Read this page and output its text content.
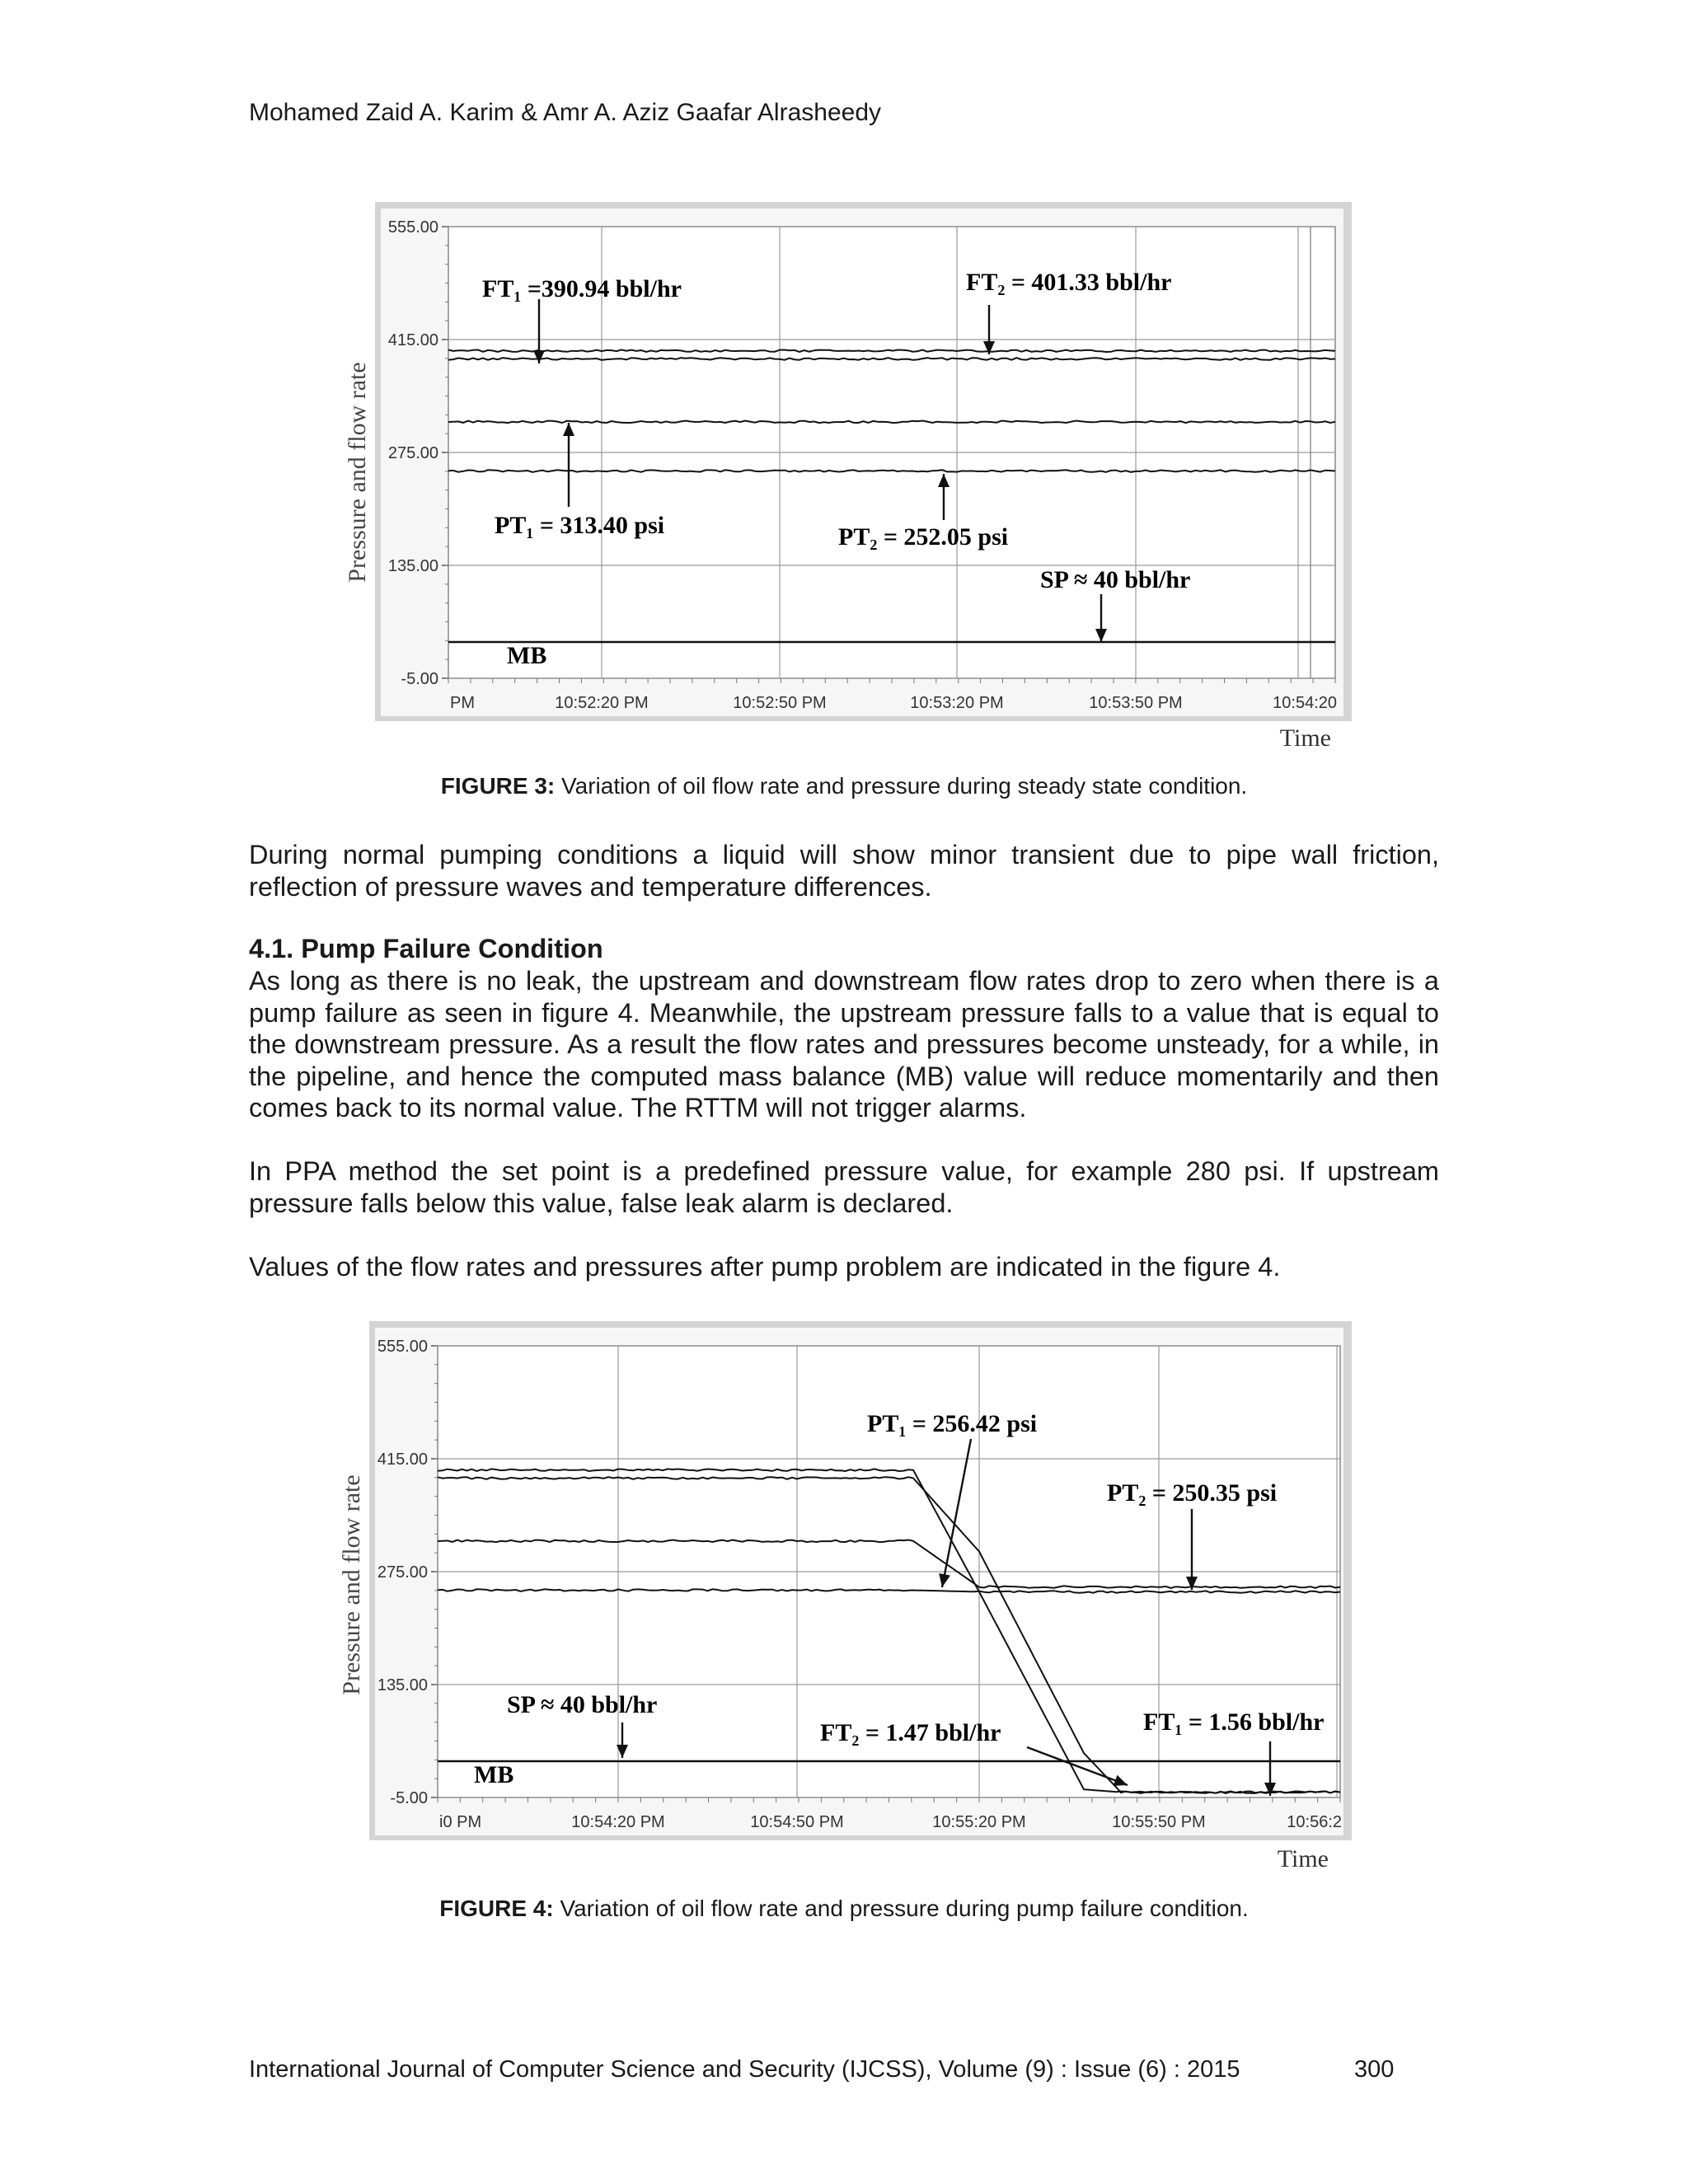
Mohamed Zaid A. Karim & Amr A. Aziz Gaafar Alrasheedy
555.00
415.00
275.00
135.00
-5.00
PM	10:52:20 PM	10:52:50 PM	10:53:20 PM	10:53:50 PM	10:54:20
Pressure and flow rate
Time
FT₁ =390.94 bbl/hr	FT₂ = 401.33 bbl/hr
PT₁ = 313.40 psi	PT₂ = 252.05 psi
SP ≈ 40 bbl/hr
MB
FIGURE 3: Variation of oil flow rate and pressure during steady state condition.

During normal pumping conditions a liquid will show minor transient due to pipe wall friction, reflection of pressure waves and temperature differences.

4.1. Pump Failure Condition

As long as there is no leak, the upstream and downstream flow rates drop to zero when there is a pump failure as seen in figure 4. Meanwhile, the upstream pressure falls to a value that is equal to the downstream pressure. As a result the flow rates and pressures become unsteady, for a while, in the pipeline, and hence the computed mass balance (MB) value will reduce momentarily and then comes back to its normal value. The RTTM will not trigger alarms.

In PPA method the set point is a predefined pressure value, for example 280 psi. If upstream pressure falls below this value, false leak alarm is declared.

Values of the flow rates and pressures after pump problem are indicated in the figure 4.

555.00
415.00
275.00
135.00
-5.00
i0 PM	10:54:20 PM	10:54:50 PM	10:55:20 PM	10:55:50 PM	10:56:2
Pressure and flow rate
Time
PT₁ = 256.42 psi
PT₂ = 250.35 psi
SP ≈ 40 bbl/hr
FT₂ = 1.47 bbl/hr	FT₁ = 1.56 bbl/hr
MB
FIGURE 4: Variation of oil flow rate and pressure during pump failure condition.
International Journal of Computer Science and Security (IJCSS), Volume (9) : Issue (6) : 2015	300
